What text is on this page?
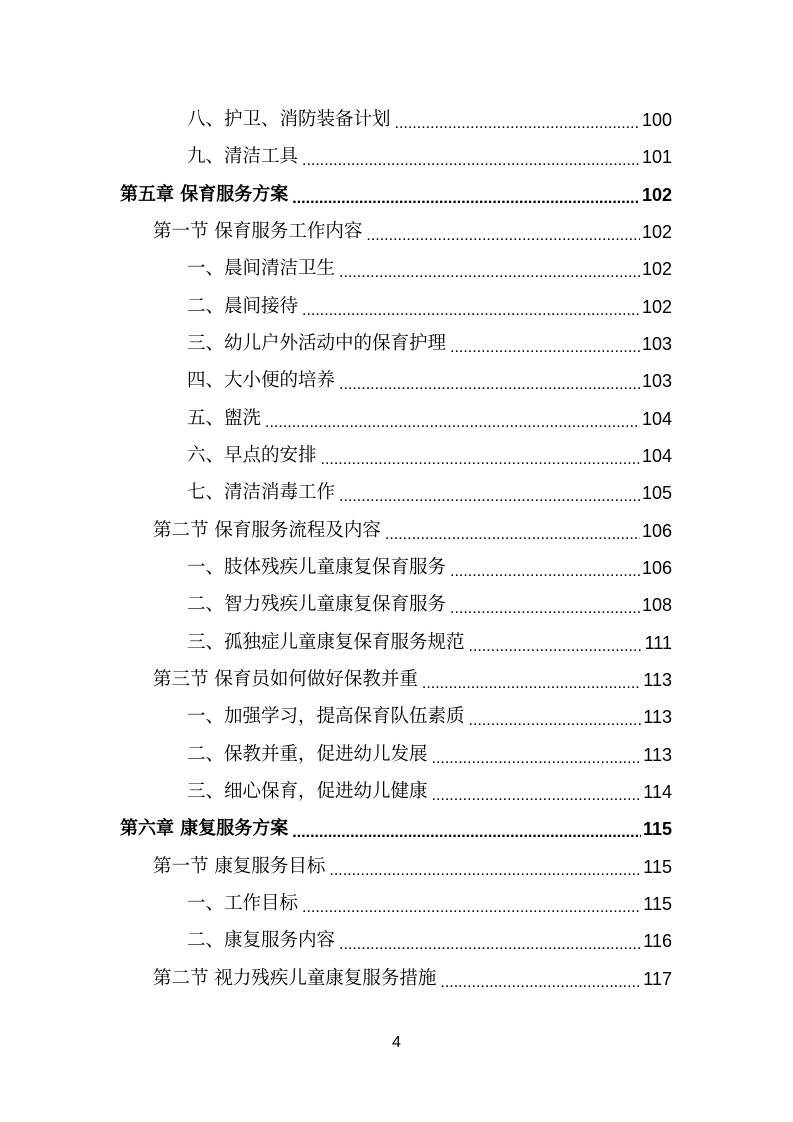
八、护卫、消防装备计划 .....	100
九、清洁工具 .....	101
第五章 保育服务方案 .....	102
第一节 保育服务工作内容 .....	102
一、晨间清洁卫生 .....	102
二、晨间接待 .....	102
三、幼儿户外活动中的保育护理 .....	103
四、大小便的培养 .....	103
五、盥洗 .....	104
六、早点的安排 .....	104
七、清洁消毒工作 .....	105
第二节 保育服务流程及内容 .....	106
一、肢体残疾儿童康复保育服务 .....	106
二、智力残疾儿童康复保育服务 .....	108
三、孤独症儿童康复保育服务规范 .....	111
第三节 保育员如何做好保教并重 .....	113
一、加强学习，提高保育队伍素质 .....	113
二、保教并重，促进幼儿发展 .....	113
三、细心保育，促进幼儿健康 .....	114
第六章 康复服务方案 .....	115
第一节 康复服务目标 .....	115
一、工作目标 .....	115
二、康复服务内容 .....	116
第二节 视力残疾儿童康复服务措施 .....	117
4
